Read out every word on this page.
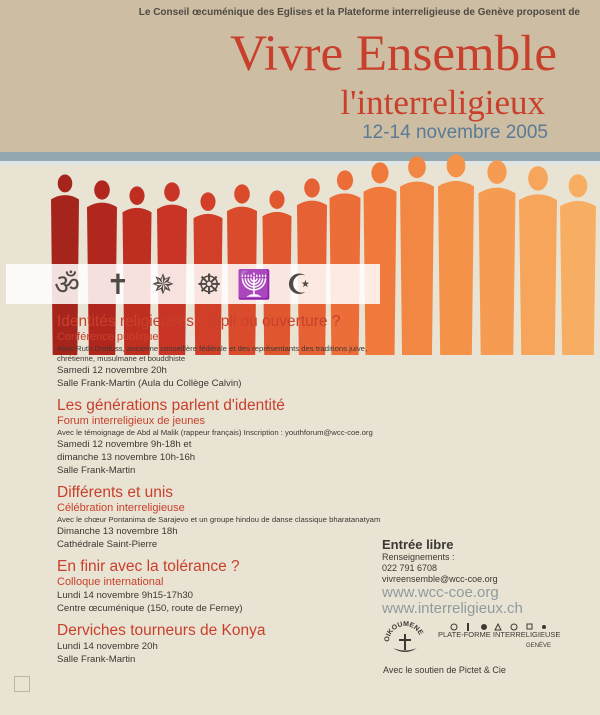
Le Conseil œcuménique des Eglises et la Plateforme interreligieuse de Genève proposent de
Vivre Ensemble
l'interreligieux
12-14 novembre 2005
ॐ ✝ ✵ ☸ 🕎 ☪
Identités religieuses : repli ou ouverture ?
Conférence publique
Avec Ruth Dreifuss, ancienne conseillère fédérale et des représentants des traditions juive, chrétienne, musulmane et bouddhiste
Samedi 12 novembre 20h
Salle Frank-Martin (Aula du Collège Calvin)
Les générations parlent d'identité
Forum interreligieux de jeunes
Avec le témoignage de Abd al Malik (rappeur français) Inscription : youthforum@wcc-coe.org
Samedi 12 novembre 9h-18h et
dimanche 13 novembre 10h-16h
Salle Frank-Martin
Différents et unis
Célébration interreligieuse
Avec le chœur Pontanima de Sarajevo et un groupe hindou de danse classique bharatanatyam
Dimanche 13 novembre 18h
Cathédrale Saint-Pierre
En finir avec la tolérance ?
Colloque international
Lundi 14 novembre 9h15-17h30
Centre œcuménique (150, route de Ferney)
Derviches tourneurs de Konya
Lundi 14 novembre 20h
Salle Frank-Martin
Entrée libre
Renseignements :
022 791 6708
vivreensemble@wcc-coe.org
www.wcc-coe.org
www.interreligieux.ch
OIKOUMENE PLATE-FORME INTERRELIGIEUSE
GENÈVE
Avec le soutien de Pictet & Cie
